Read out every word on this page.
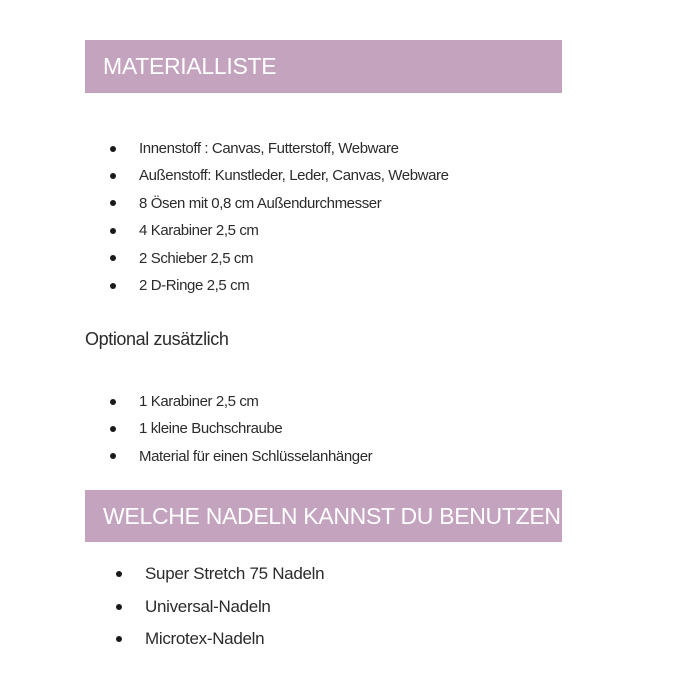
MATERIALLISTE
Innenstoff : Canvas, Futterstoff, Webware
Außenstoff: Kunstleder, Leder, Canvas, Webware
8 Ösen mit 0,8 cm Außendurchmesser
4 Karabiner 2,5 cm
2 Schieber 2,5 cm
2 D-Ringe 2,5 cm
Optional zusätzlich
1 Karabiner 2,5 cm
1 kleine Buchschraube
Material für einen Schlüsselanhänger
WELCHE NADELN KANNST DU BENUTZEN
Super Stretch 75 Nadeln
Universal-Nadeln
Microtex-Nadeln
